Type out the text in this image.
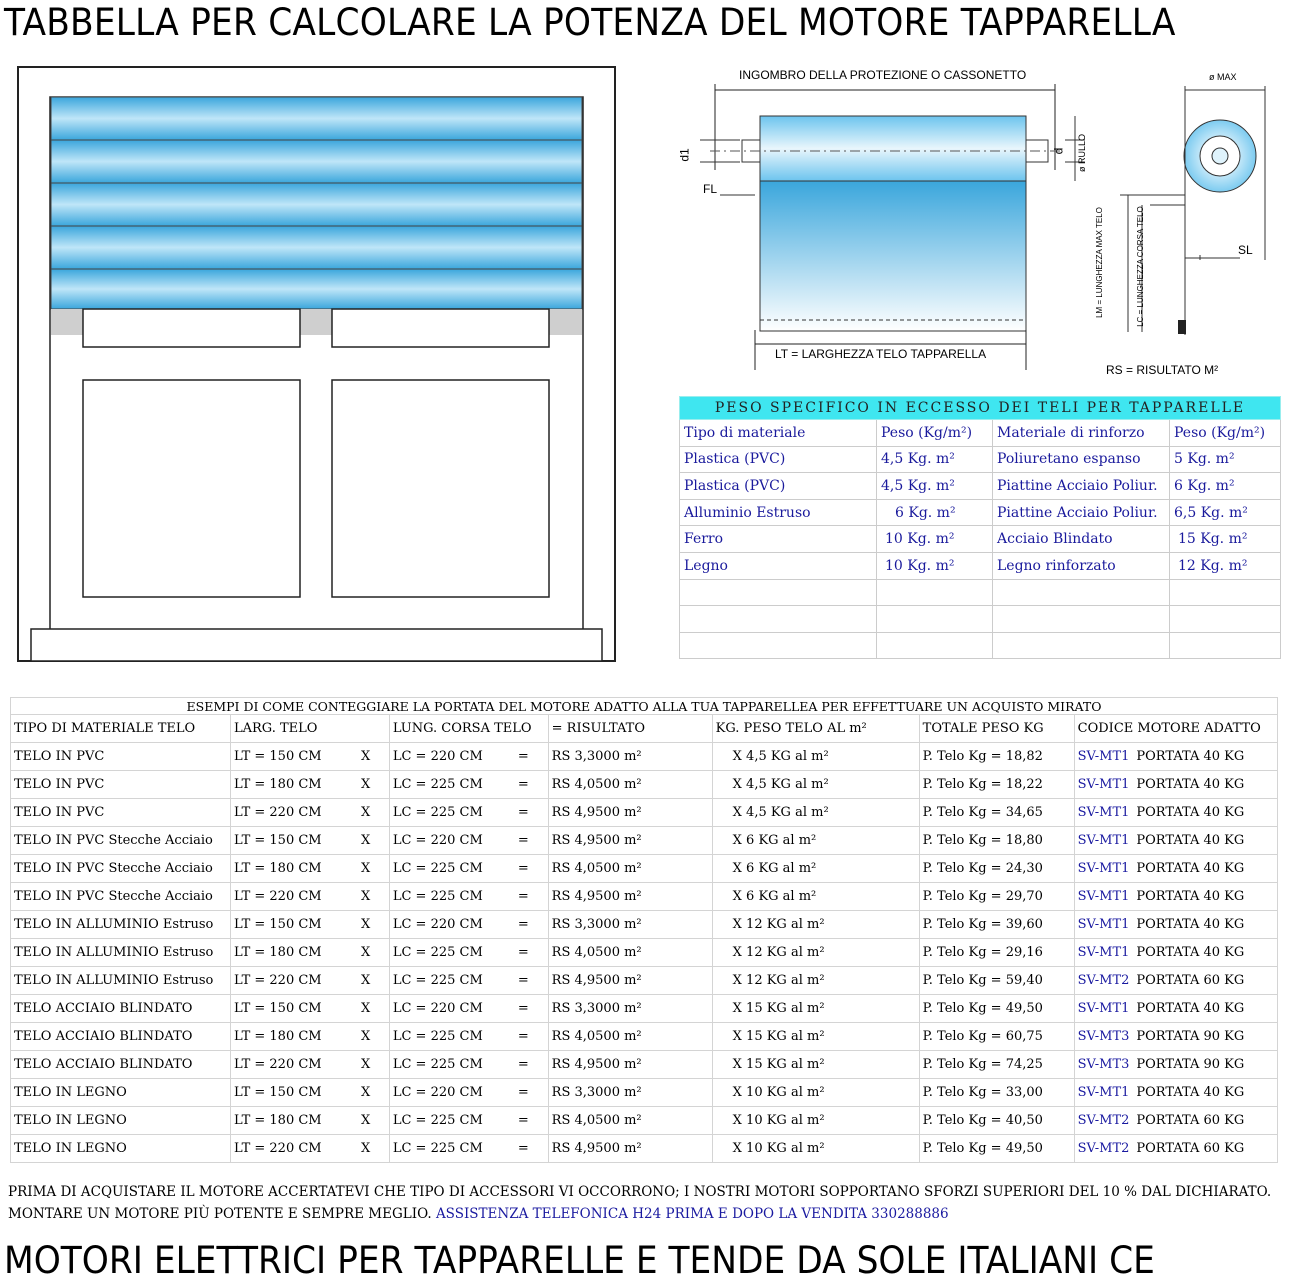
TABBELLA PER CALCOLARE LA POTENZA DEL MOTORE TAPPARELLA
INGOMBRO DELLA PROTEZIONE O CASSONETTO
d1
FL
d ø RULLO
ø MAX
LT = LARGHEZZA TELO TAPPARELLA
LM = LUNGHEZZA MAX TELO	LC = LUNGHEZZA CORSA TELO	SL
RS = RISULTATO M²
PESO SPECIFICO IN ECCESSO DEI TELI PER TAPPARELLE			
Tipo di materiale	Peso (Kg/m²)	Materiale di rinforzo	Peso (Kg/m²)
Plastica (PVC)	4,5 Kg. m²	Poliuretano espanso	5 Kg. m²
Plastica (PVC)	4,5 Kg. m²	Piattine Acciaio Poliur.	6 Kg. m²
Alluminio Estruso	6 Kg. m²	Piattine Acciaio Poliur.	6,5 Kg. m²
Ferro	10 Kg. m²	Acciaio Blindato	15 Kg. m²
Legno	10 Kg. m²	Legno rinforzato	12 Kg. m²

ESEMPI DI COME CONTEGGIARE LA PORTATA DEL MOTORE ADATTO ALLA TUA TAPPARELLEA PER EFFETTUARE UN ACQUISTO MIRATO									
TIPO DI MATERIALE TELO	LARG. TELO		LUNG. CORSA TELO		= RISULTATO	KG. PESO TELO AL m²	TOTALE PESO KG	CODICE MOTORE ADATTO	
TELO IN PVC	LT = 150 CM	X	LC = 220 CM	=	RS 3,3000 m²	X 4,5 KG al m²	P. Telo Kg = 18,82	SV-MT1	PORTATA 40 KG
TELO IN PVC	LT = 180 CM	X	LC = 225 CM	=	RS 4,0500 m²	X 4,5 KG al m²	P. Telo Kg = 18,22	SV-MT1	PORTATA 40 KG
TELO IN PVC	LT = 220 CM	X	LC = 225 CM	=	RS 4,9500 m²	X 4,5 KG al m²	P. Telo Kg = 34,65	SV-MT1	PORTATA 40 KG
TELO IN PVC Stecche Acciaio	LT = 150 CM	X	LC = 220 CM	=	RS 4,9500 m²	X 6 KG al m²	P. Telo Kg = 18,80	SV-MT1	PORTATA 40 KG
TELO IN PVC Stecche Acciaio	LT = 180 CM	X	LC = 225 CM	=	RS 4,0500 m²	X 6 KG al m²	P. Telo Kg = 24,30	SV-MT1	PORTATA 40 KG
TELO IN PVC Stecche Acciaio	LT = 220 CM	X	LC = 225 CM	=	RS 4,9500 m²	X 6 KG al m²	P. Telo Kg = 29,70	SV-MT1	PORTATA 40 KG
TELO IN ALLUMINIO Estruso	LT = 150 CM	X	LC = 220 CM	=	RS 3,3000 m²	X 12 KG al m²	P. Telo Kg = 39,60	SV-MT1	PORTATA 40 KG
TELO IN ALLUMINIO Estruso	LT = 180 CM	X	LC = 225 CM	=	RS 4,0500 m²	X 12 KG al m²	P. Telo Kg = 29,16	SV-MT1	PORTATA 40 KG
TELO IN ALLUMINIO Estruso	LT = 220 CM	X	LC = 225 CM	=	RS 4,9500 m²	X 12 KG al m²	P. Telo Kg = 59,40	SV-MT2	PORTATA 60 KG
TELO ACCIAIO BLINDATO	LT = 150 CM	X	LC = 220 CM	=	RS 3,3000 m²	X 15 KG al m²	P. Telo Kg = 49,50	SV-MT1	PORTATA 40 KG
TELO ACCIAIO BLINDATO	LT = 180 CM	X	LC = 225 CM	=	RS 4,0500 m²	X 15 KG al m²	P. Telo Kg = 60,75	SV-MT3	PORTATA 90 KG
TELO ACCIAIO BLINDATO	LT = 220 CM	X	LC = 225 CM	=	RS 4,9500 m²	X 15 KG al m²	P. Telo Kg = 74,25	SV-MT3	PORTATA 90 KG
TELO IN LEGNO	LT = 150 CM	X	LC = 220 CM	=	RS 3,3000 m²	X 10 KG al m²	P. Telo Kg = 33,00	SV-MT1	PORTATA 40 KG
TELO IN LEGNO	LT = 180 CM	X	LC = 225 CM	=	RS 4,0500 m²	X 10 KG al m²	P. Telo Kg = 40,50	SV-MT2	PORTATA 60 KG
TELO IN LEGNO	LT = 220 CM	X	LC = 225 CM	=	RS 4,9500 m²	X 10 KG al m²	P. Telo Kg = 49,50	SV-MT2	PORTATA 60 KG
PRIMA DI ACQUISTARE IL MOTORE ACCERTATEVI CHE TIPO DI ACCESSORI VI OCCORRONO; I NOSTRI MOTORI SOPPORTANO SFORZI SUPERIORI DEL 10 % DAL DICHIARATO. MONTARE UN MOTORE PIÙ POTENTE E SEMPRE MEGLIO. ASSISTENZA TELEFONICA H24 PRIMA E DOPO LA VENDITA 330288886
MOTORI ELETTRICI PER TAPPARELLE E TENDE DA SOLE ITALIANI CE
